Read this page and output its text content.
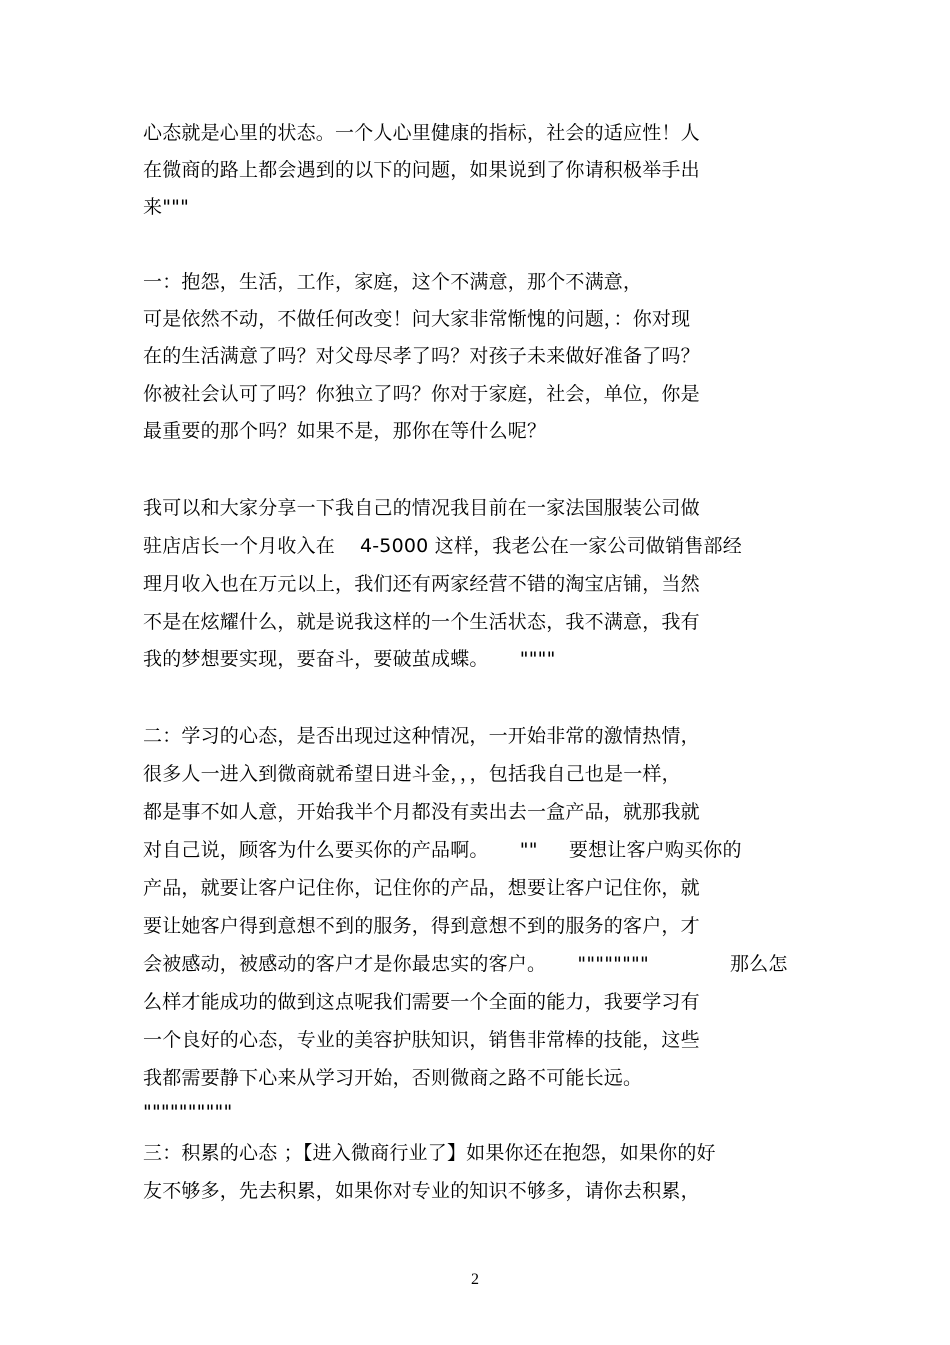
心态就是心里的状态。一个人心里健康的指标，社会的适应性！人
在微商的路上都会遇到的以下的问题，如果说到了你请积极举手出
来"""
一：抱怨，生活，工作，家庭，这个不满意，那个不满意，
可是依然不动，不做任何改变！问大家非常惭愧的问题，：你对现
在的生活满意了吗？对父母尽孝了吗？对孩子未来做好准备了吗？
你被社会认可了吗？你独立了吗？你对于家庭，社会，单位，你是
最重要的那个吗？如果不是，那你在等什么呢？
我可以和大家分享一下我自己的情况我目前在一家法国服装公司做
驻店店长一个月收入在    4-5000 这样，我老公在一家公司做销售部经
理月收入也在万元以上，我们还有两家经营不错的淘宝店铺，当然
不是在炫耀什么，就是说我这样的一个生活状态，我不满意，我有
我的梦想要实现，要奋斗，要破茧成蝶。     """"
二：学习的心态，是否出现过这种情况，一开始非常的激情热情，
很多人一进入到微商就希望日进斗金，，，包括我自己也是一样，
都是事不如人意，开始我半个月都没有卖出去一盒产品，就那我就
对自己说，顾客为什么要买你的产品啊。     ""     要想让客户购买你的
产品，就要让客户记住你，记住你的产品，想要让客户记住你，就
要让她客户得到意想不到的服务，得到意想不到的服务的客户，才
会被感动，被感动的客户才是你最忠实的客户。     """"""""             那么怎
么样才能成功的做到这点呢我们需要一个全面的能力，我要学习有
一个良好的心态，专业的美容护肤知识，销售非常棒的技能，这些
我都需要静下心来从学习开始，否则微商之路不可能长远。
""""""""""
三：积累的心态 ；【进入微商行业了】如果你还在抱怨，如果你的好
友不够多，先去积累，如果你对专业的知识不够多，请你去积累，
2
